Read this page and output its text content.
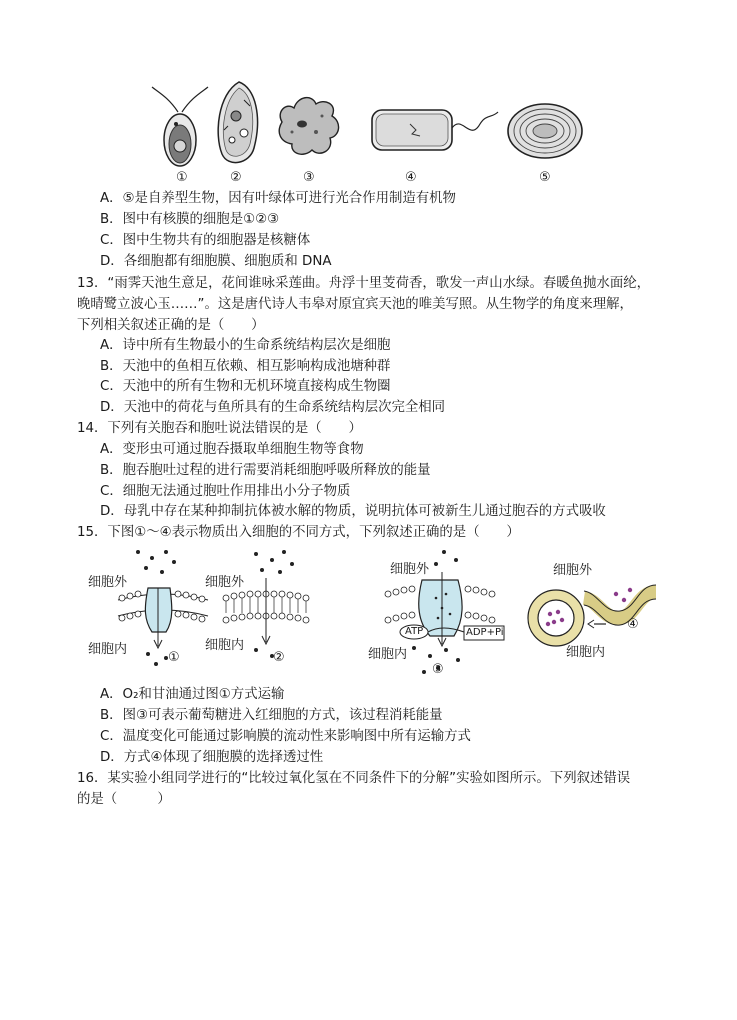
①	②	③	④	⑤
A．⑤是自养型生物，因有叶绿体可进行光合作用制造有机物
B．图中有核膜的细胞是①②③
C．图中生物共有的细胞器是核糖体
D．各细胞都有细胞膜、细胞质和 DNA
13．“雨霁天池生意足，花间谁咏采莲曲。舟浮十里芰荷香，歌发一声山水绿。春暖鱼抛水面纶，
晚晴鹭立波心玉……”。这是唐代诗人韦皋对原宜宾天池的唯美写照。从生物学的角度来理解，
下列相关叙述正确的是（　　）
A．诗中所有生物最小的生命系统结构层次是细胞
B．天池中的鱼相互依赖、相互影响构成池塘种群
C．天池中的所有生物和无机环境直接构成生物圈
D．天池中的荷花与鱼所具有的生命系统结构层次完全相同
14．下列有关胞吞和胞吐说法错误的是（　　）
A．变形虫可通过胞吞摄取单细胞生物等食物
B．胞吞胞吐过程的进行需要消耗细胞呼吸所释放的能量
C．细胞无法通过胞吐作用排出小分子物质
D．母乳中存在某种抑制抗体被水解的物质，说明抗体可被新生儿通过胞吞的方式吸收
15．下图①～④表示物质出入细胞的不同方式，下列叙述正确的是（　　）
细胞外
细胞内
细胞外
细胞内
细胞外
细胞内
细胞外
细胞内
①	②
ATP	ADP+Pi
③
④
A．O₂和甘油通过图①方式运输
B．图③可表示葡萄糖进入红细胞的方式，该过程消耗能量
C．温度变化可能通过影响膜的流动性来影响图中所有运输方式
D．方式④体现了细胞膜的选择透过性
16．某实验小组同学进行的“比较过氧化氢在不同条件下的分解”实验如图所示。下列叙述错误
的是（　　　）
